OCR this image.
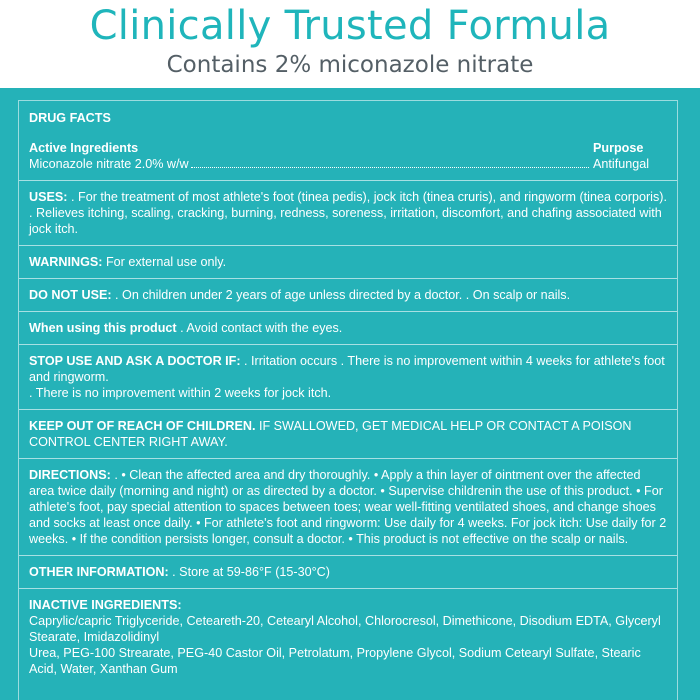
Clinically Trusted Formula
Contains 2% miconazole nitrate
DRUG FACTS
Active Ingredients	Purpose
Miconazole nitrate 2.0% w/w	Antifungal
USES: . For the treatment of most athlete's foot (tinea pedis), jock itch (tinea cruris), and ringworm (tinea corporis).
. Relieves itching, scaling, cracking, burning, redness, soreness, irritation, discomfort, and chafing associated with jock itch.
WARNINGS: For external use only.
DO NOT USE: . On children under 2 years of age unless directed by a doctor. . On scalp or nails.
When using this product . Avoid contact with the eyes.
STOP USE AND ASK A DOCTOR IF: . Irritation occurs . There is no improvement within 4 weeks for athlete's foot and ringworm.
. There is no improvement within 2 weeks for jock itch.
KEEP OUT OF REACH OF CHILDREN. IF SWALLOWED, GET MEDICAL HELP OR CONTACT A POISON CONTROL CENTER RIGHT AWAY.
DIRECTIONS: . • Clean the affected area and dry thoroughly. • Apply a thin layer of ointment over the affected area twice daily (morning and night) or as directed by a doctor. • Supervise childrenin the use of this product. • For athlete's foot, pay special attention to spaces between toes; wear well-fitting ventilated shoes, and change shoes and socks at least once daily. • For athlete's foot and ringworm: Use daily for 4 weeks. For jock itch: Use daily for 2 weeks. • If the condition persists longer, consult a doctor. • This product is not effective on the scalp or nails.
OTHER INFORMATION: . Store at 59-86°F (15-30°C)
INACTIVE INGREDIENTS:
Caprylic/capric Triglyceride, Ceteareth-20, Cetearyl Alcohol, Chlorocresol, Dimethicone, Disodium EDTA, Glyceryl Stearate, Imidazolidinyl
Urea, PEG-100 Strearate, PEG-40 Castor Oil, Petrolatum, Propylene Glycol, Sodium Cetearyl Sulfate, Stearic Acid, Water, Xanthan Gum
